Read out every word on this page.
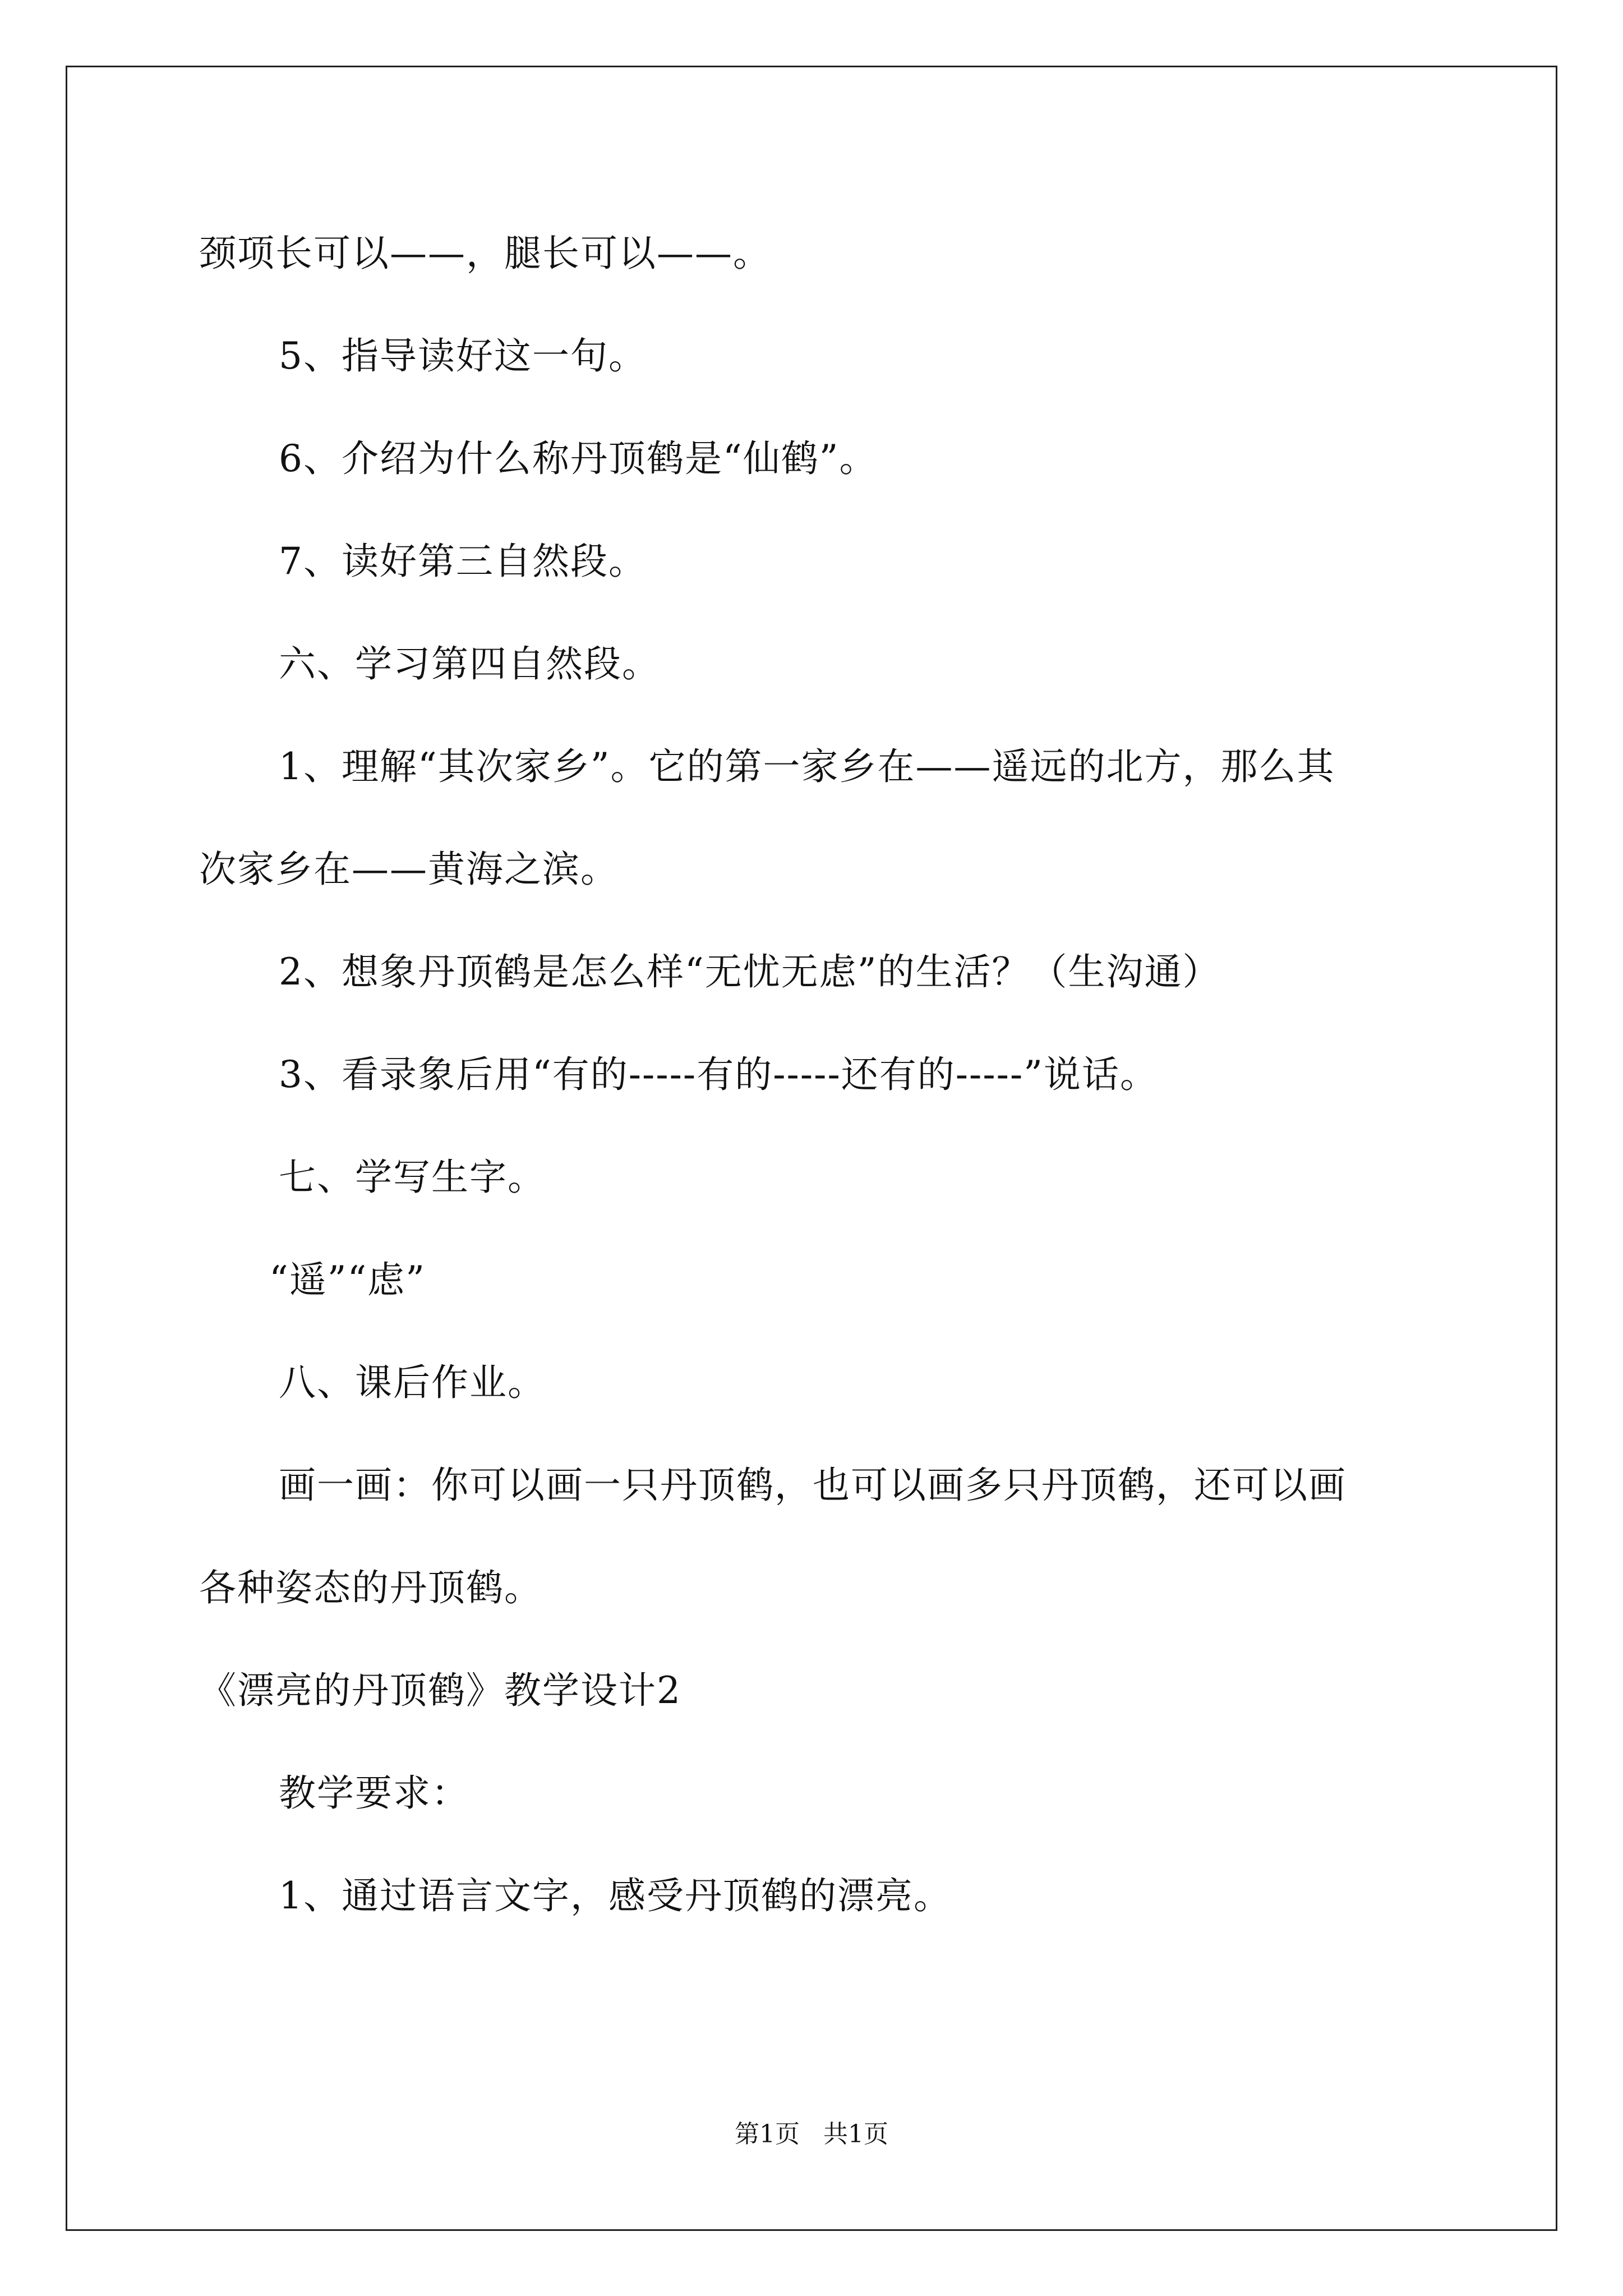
颈项长可以——，腿长可以——。
5、指导读好这一句。
6、介绍为什么称丹顶鹤是“仙鹤”。
7、读好第三自然段。
六、学习第四自然段。
1、理解“其次家乡”。它的第一家乡在——遥远的北方，那么其
次家乡在——黄海之滨。
2、想象丹顶鹤是怎么样“无忧无虑”的生活？（生沟通）
3、看录象后用“有的-----有的-----还有的-----”说话。
七、学写生字。
“遥”“虑”
八、课后作业。
画一画：你可以画一只丹顶鹤，也可以画多只丹顶鹤，还可以画
各种姿态的丹顶鹤。
《漂亮的丹顶鹤》教学设计2
教学要求：
1、通过语言文字，感受丹顶鹤的漂亮。
第1页 共1页
